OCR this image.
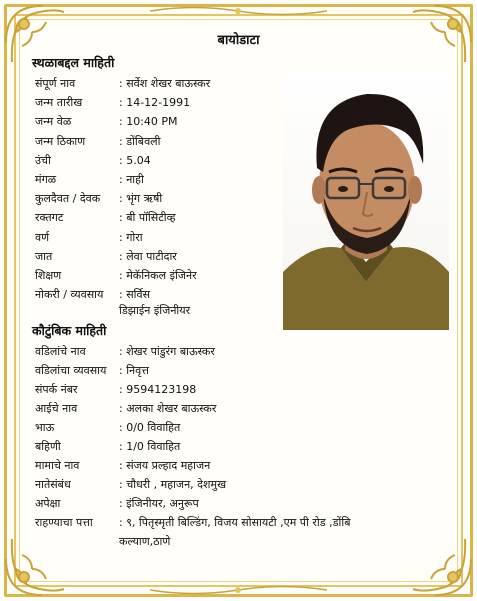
बायोडाटा
स्थळाबद्दल माहिती
संपूर्ण नाव	: सर्वेश शेखर बाऊस्कर
जन्म तारीख	: 14-12-1991
जन्म वेळ	: 10:40 PM
जन्म ठिकाण	: डोंबिवली
उंची	: 5.04
मंगळ	: नाही
कुलदैवत / देवक	: भृंग ऋषी
रक्तगट	: बी पॉसिटीव्ह
वर्ण	: गोरा
जात	: लेवा पाटीदार
शिक्षण	: मेकॅनिकल इंजिनेर
नोकरी / व्यवसाय	: सर्विस
डिझाईन इंजिनीयर
कौटुंबिक माहिती
वडिलांचे नाव	: शेखर पांडुरंग बाऊस्कर
वडिलांचा व्यवसाय	: निवृत्त
संपर्क नंबर	: 9594123198
आईचे नाव	: अलका शेखर बाऊस्कर
भाऊ	: 0/0 विवाहित
बहिणी	: 1/0 विवाहित
मामाचे नाव	: संजय प्रल्हाद महाजन
नातेसंबंध	: चौधरी , महाजन, देशमुख
अपेक्षा	: इंजिनीयर, अनुरूप
राहण्याचा पत्ता	: ९, पितृस्मृती बिल्डिंग, विजय सोसायटी ,एम पी रोड ,डोंबि
कल्याण,ठाणे
